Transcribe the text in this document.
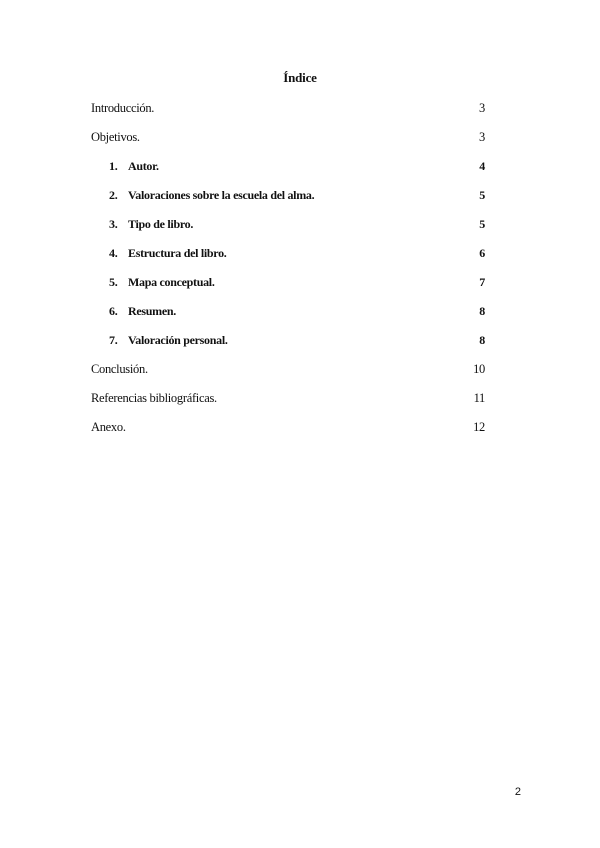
Índice
Introducción.	3
Objetivos.	3
1. Autor.	4
2. Valoraciones sobre la escuela del alma.	5
3. Tipo de libro.	5
4. Estructura del libro.	6
5. Mapa conceptual.	7
6. Resumen.	8
7. Valoración personal.	8
Conclusión.	10
Referencias bibliográficas.	11
Anexo.	12
2
